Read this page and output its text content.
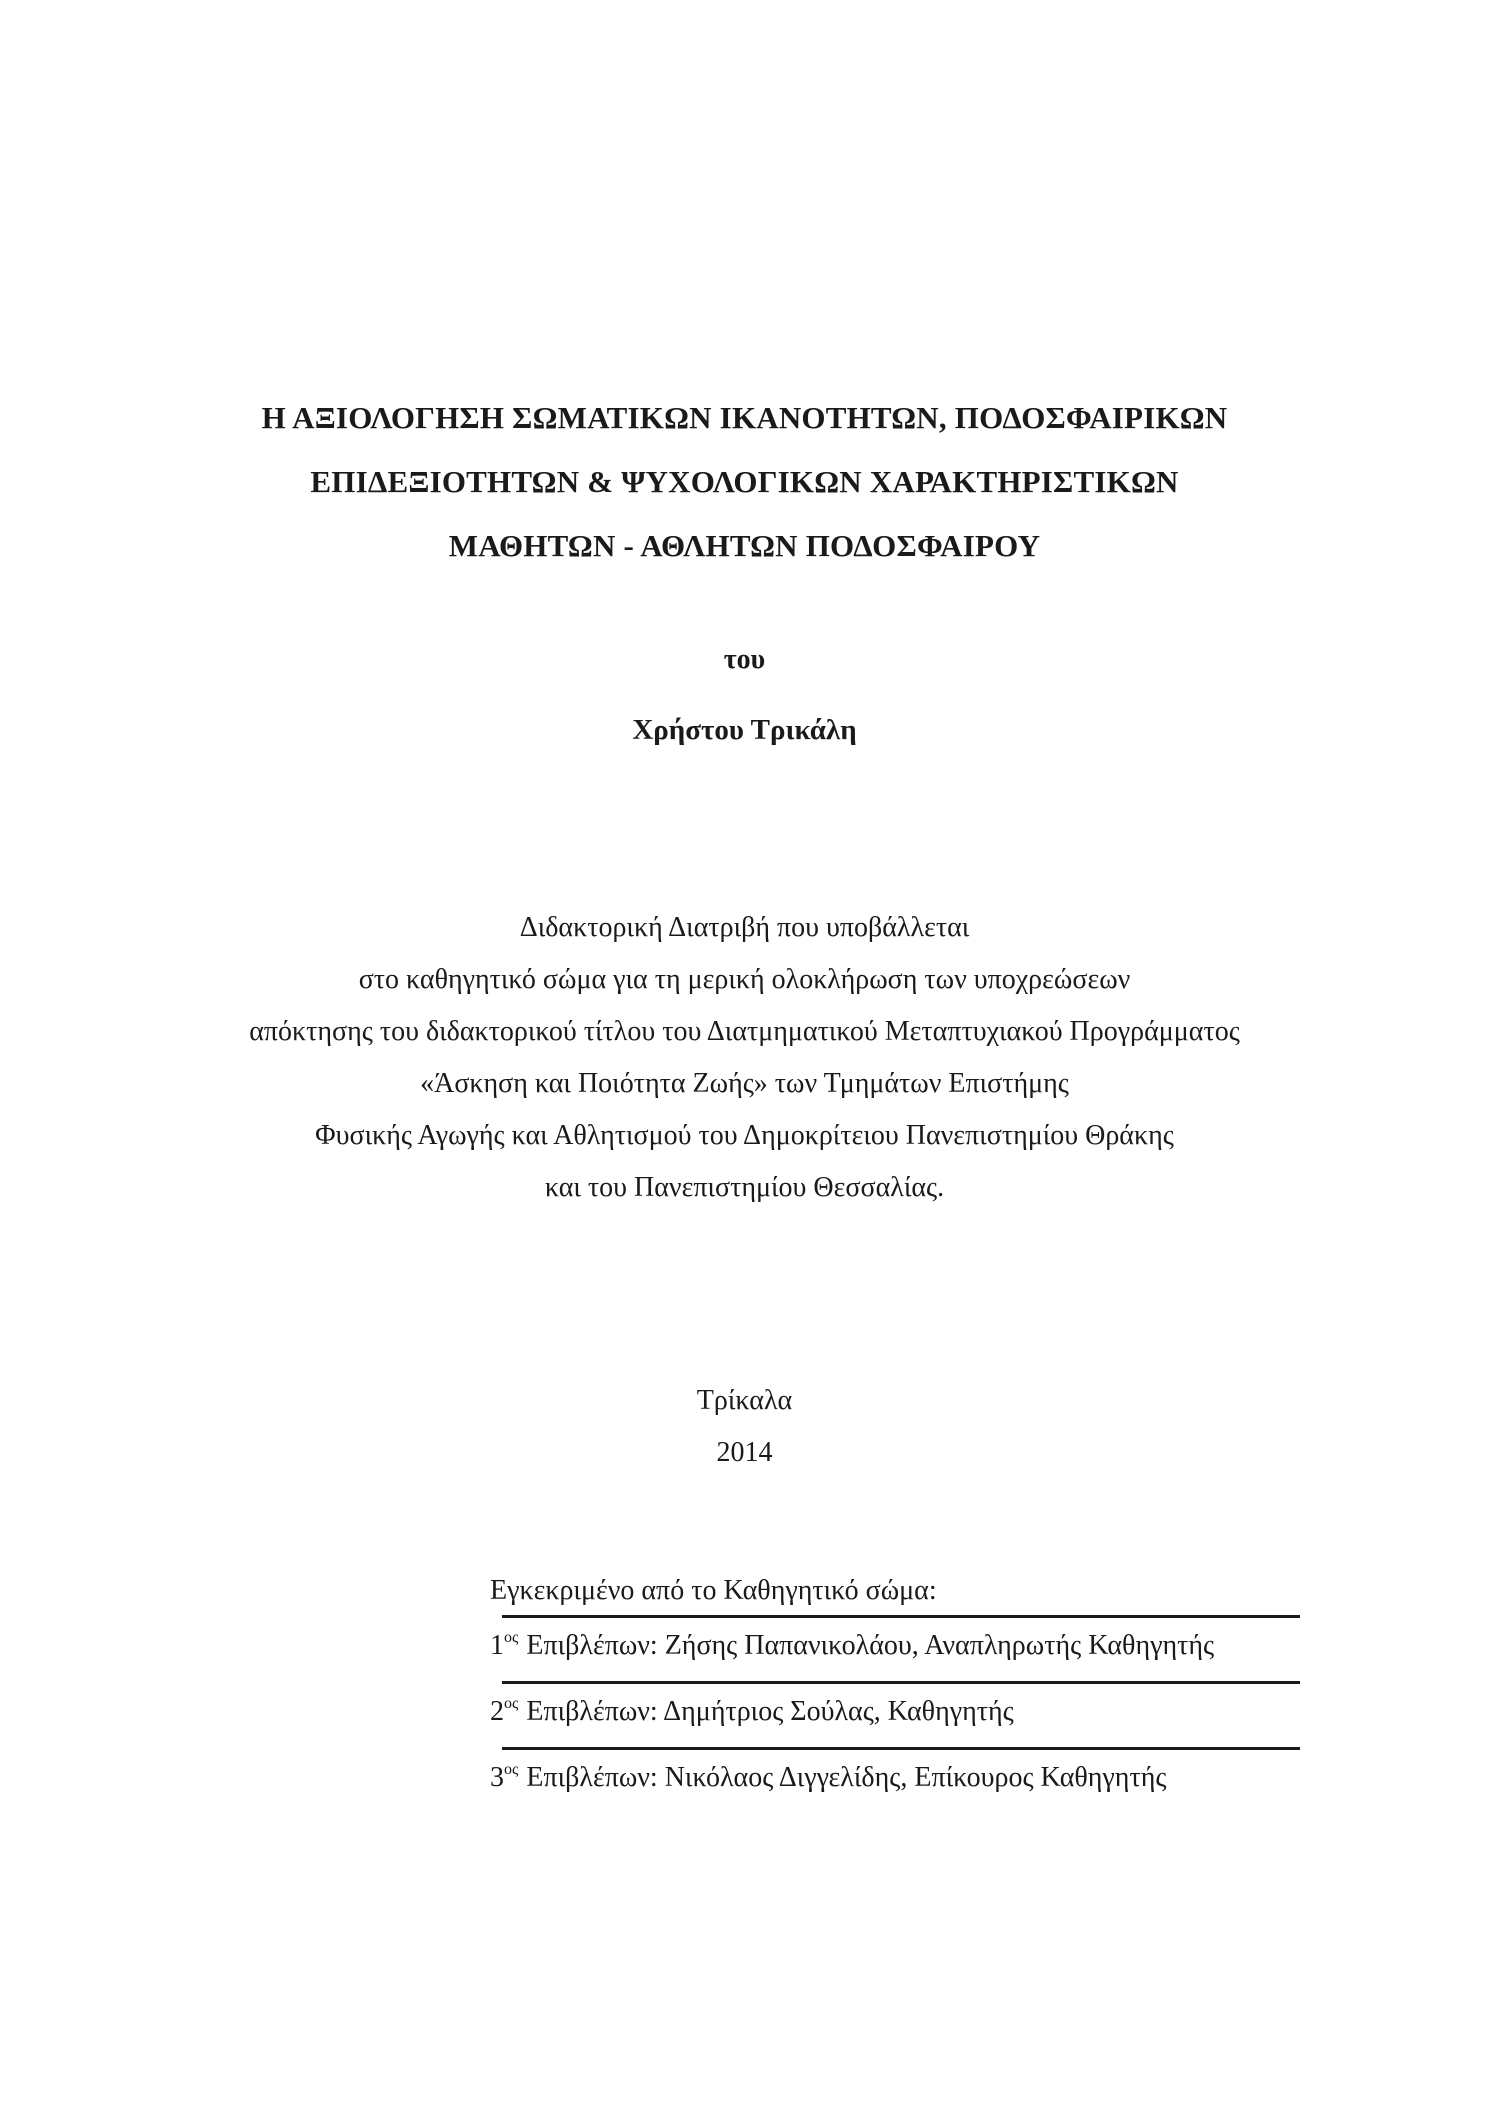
Η ΑΞΙΟΛΟΓΗΣΗ ΣΩΜΑΤΙΚΩΝ ΙΚΑΝΟΤΗΤΩΝ, ΠΟΔΟΣΦΑΙΡΙΚΩΝ
ΕΠΙΔΕΞΙΟΤΗΤΩΝ & ΨΥΧΟΛΟΓΙΚΩΝ ΧΑΡΑΚΤΗΡΙΣΤΙΚΩΝ
ΜΑΘΗΤΩΝ - ΑΘΛΗΤΩΝ ΠΟΔΟΣΦΑΙΡΟΥ
του
Χρήστου Τρικάλη
Διδακτορική Διατριβή που υποβάλλεται
στο καθηγητικό σώμα για τη μερική ολοκλήρωση των υποχρεώσεων
απόκτησης του διδακτορικού τίτλου του Διατμηματικού Μεταπτυχιακού Προγράμματος
«Άσκηση και Ποιότητα Ζωής» των Τμημάτων Επιστήμης
Φυσικής Αγωγής και Αθλητισμού του Δημοκρίτειου Πανεπιστημίου Θράκης
και του Πανεπιστημίου Θεσσαλίας.
Τρίκαλα
2014
Εγκεκριμένο από το Καθηγητικό σώμα:
$1^{o\varsigma}$ Επιβλέπων: Ζήσης Παπανικολάου, Αναπληρωτής Καθηγητής
$2^{o\varsigma}$ Επιβλέπων: Δημήτριος Σούλας, Καθηγητής
$3^{o\varsigma}$ Επιβλέπων: Νικόλαος Διγγελίδης, Επίκουρος Καθηγητής
